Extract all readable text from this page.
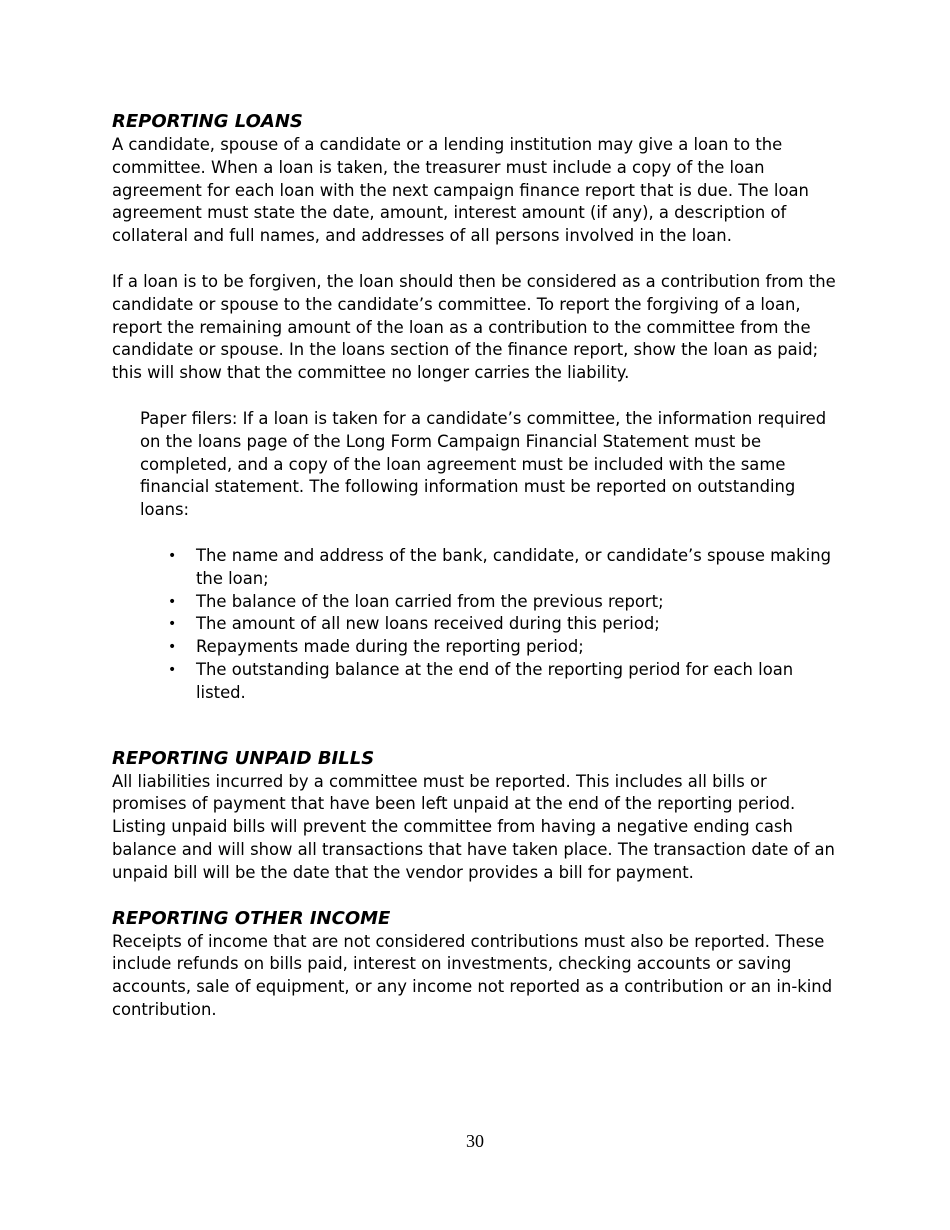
REPORTING LOANS

A candidate, spouse of a candidate or a lending institution may give a loan to the committee. When a loan is taken, the treasurer must include a copy of the loan agreement for each loan with the next campaign finance report that is due. The loan agreement must state the date, amount, interest amount (if any), a description of collateral and full names, and addresses of all persons involved in the loan.

If a loan is to be forgiven, the loan should then be considered as a contribution from the candidate or spouse to the candidate’s committee. To report the forgiving of a loan, report the remaining amount of the loan as a contribution to the committee from the candidate or spouse. In the loans section of the finance report, show the loan as paid; this will show that the committee no longer carries the liability.

Paper filers: If a loan is taken for a candidate’s committee, the information required on the loans page of the Long Form Campaign Financial Statement must be completed, and a copy of the loan agreement must be included with the same financial statement. The following information must be reported on outstanding loans:

• The name and address of the bank, candidate, or candidate’s spouse making the loan;
• The balance of the loan carried from the previous report;
• The amount of all new loans received during this period;
• Repayments made during the reporting period;
• The outstanding balance at the end of the reporting period for each loan listed.
REPORTING UNPAID BILLS

All liabilities incurred by a committee must be reported. This includes all bills or promises of payment that have been left unpaid at the end of the reporting period. Listing unpaid bills will prevent the committee from having a negative ending cash balance and will show all transactions that have taken place. The transaction date of an unpaid bill will be the date that the vendor provides a bill for payment.

REPORTING OTHER INCOME

Receipts of income that are not considered contributions must also be reported. These include refunds on bills paid, interest on investments, checking accounts or saving accounts, sale of equipment, or any income not reported as a contribution or an in-kind contribution.

30
